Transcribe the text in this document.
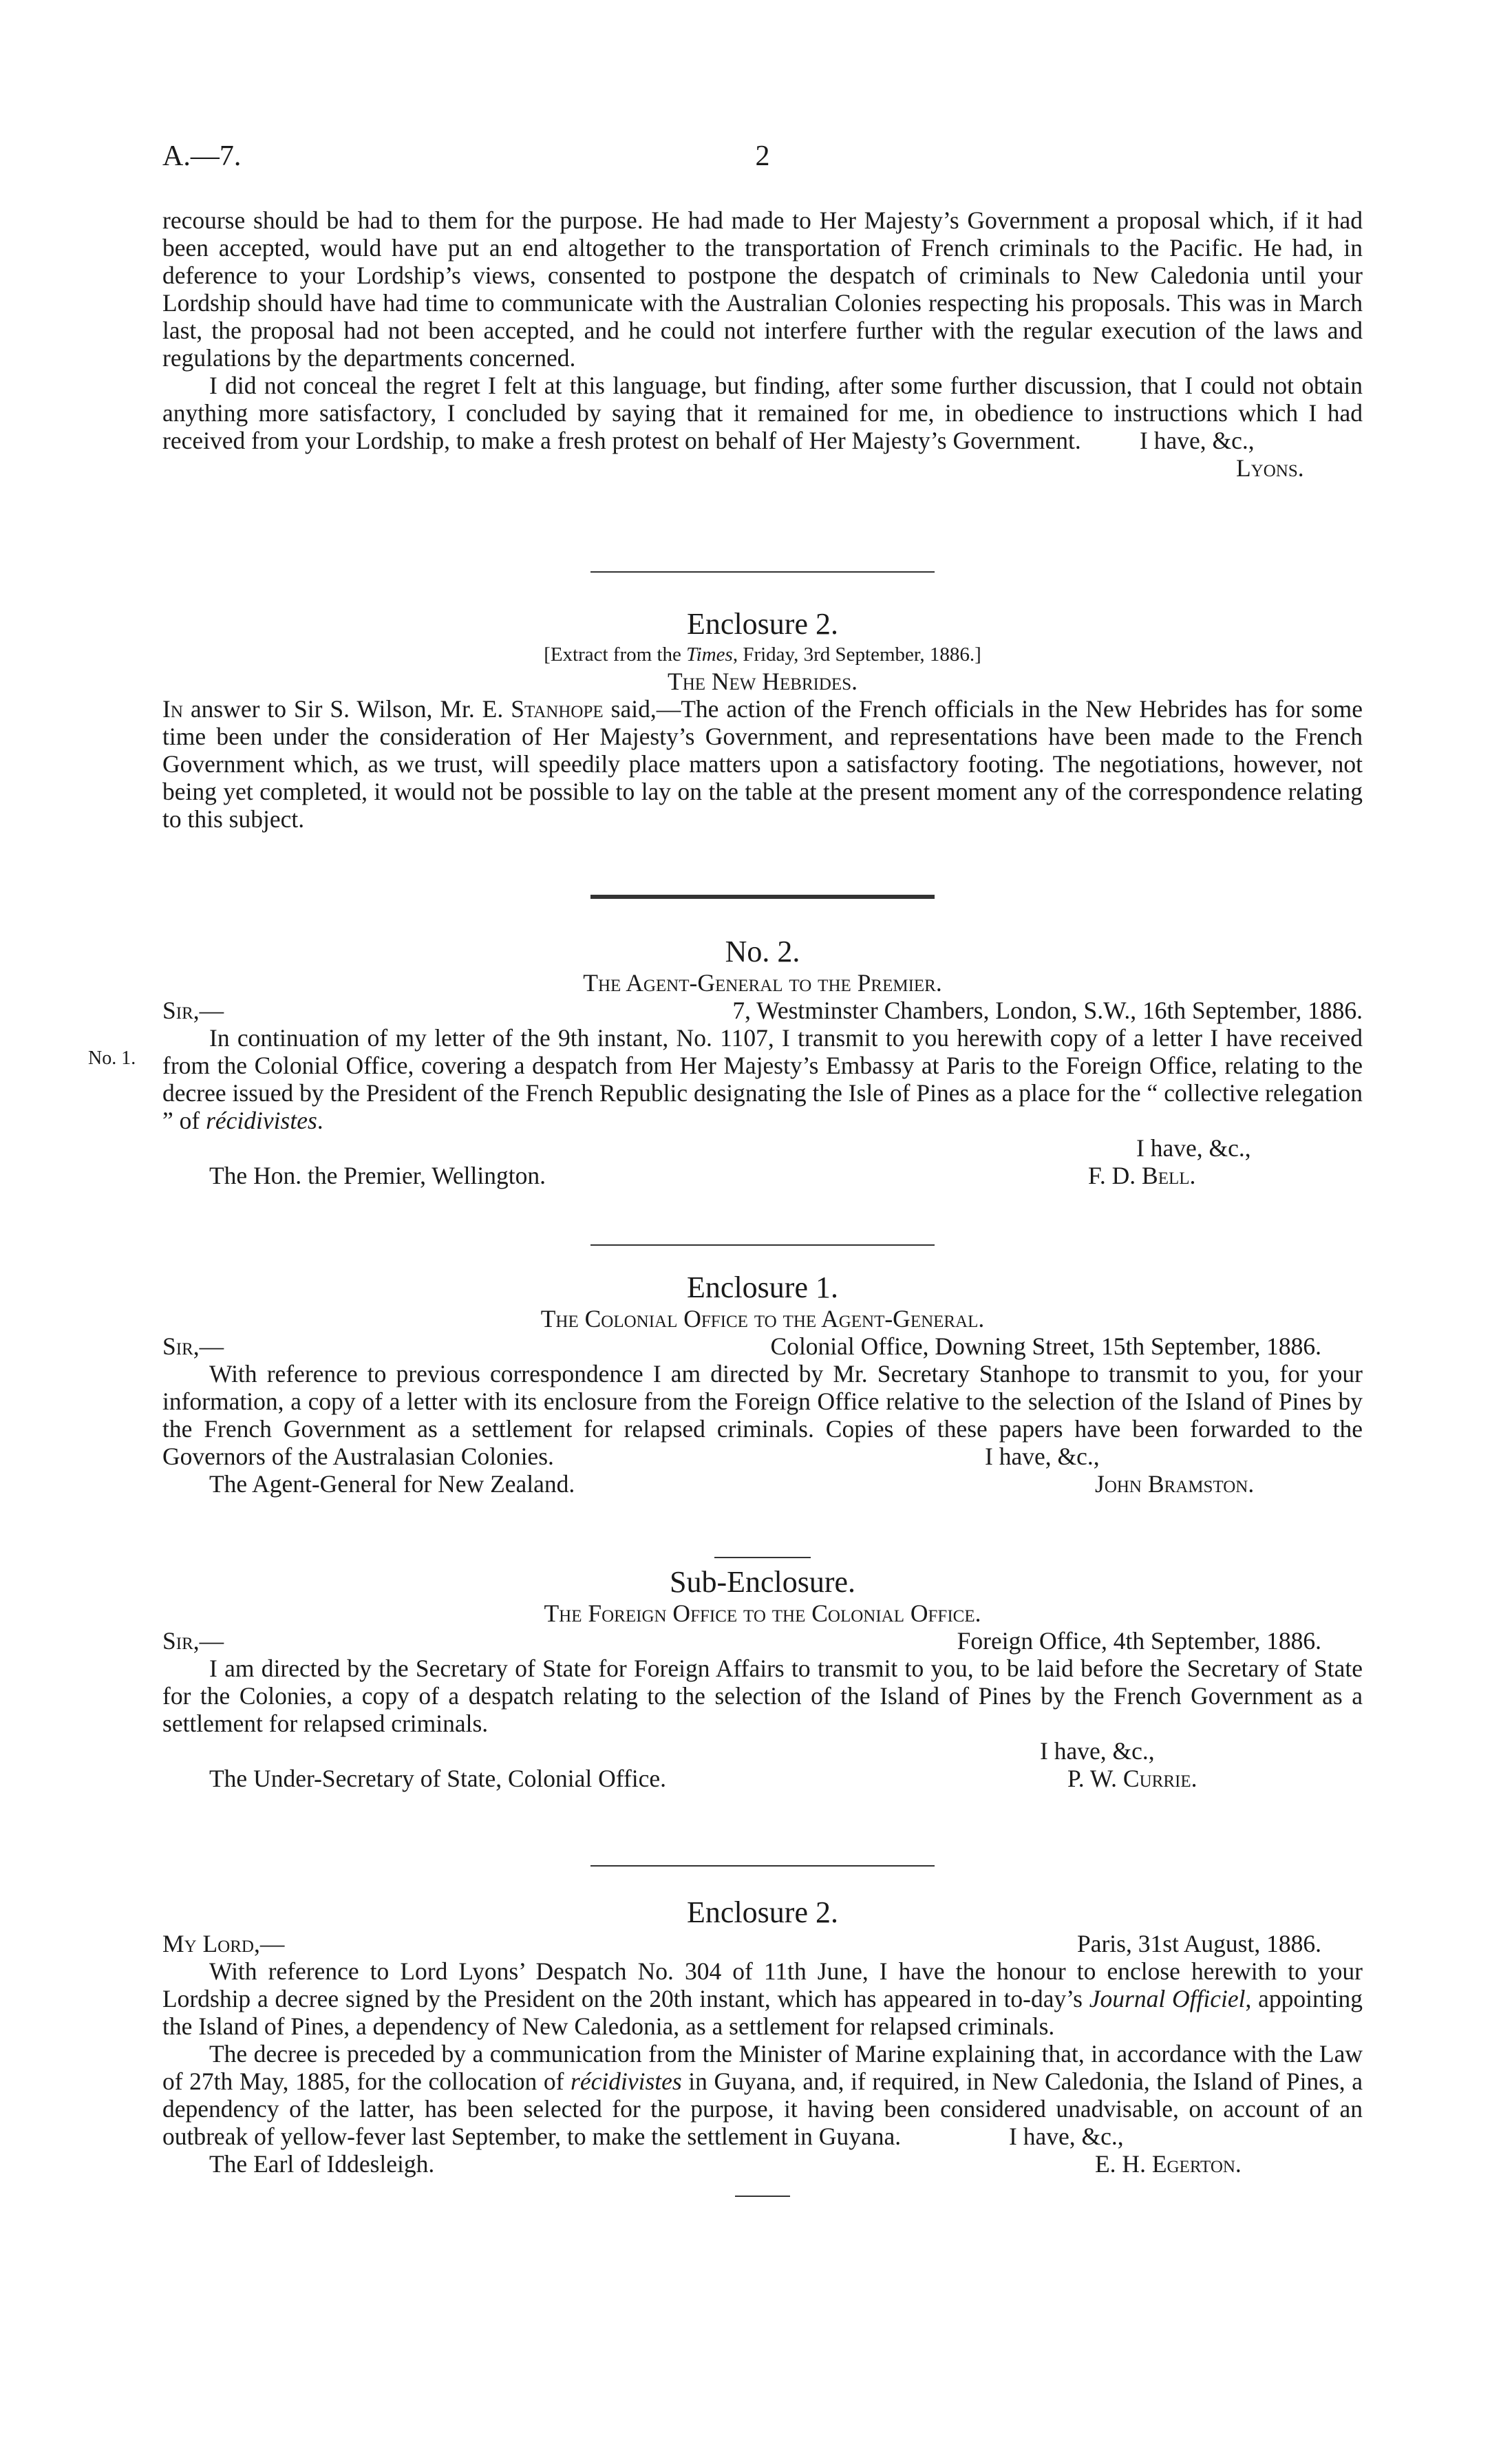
A.—7.	2

recourse should be had to them for the purpose. He had made to Her Majesty’s Government a proposal which, if it had been accepted, would have put an end altogether to the transportation of French criminals to the Pacific. He had, in deference to your Lordship’s views, consented to postpone the despatch of criminals to New Caledonia until your Lordship should have had time to communicate with the Australian Colonies respecting his proposals. This was in March last, the proposal had not been accepted, and he could not interfere further with the regular execution of the laws and regulations by the departments concerned.

I did not conceal the regret I felt at this language, but finding, after some further discussion, that I could not obtain anything more satisfactory, I concluded by saying that it remained for me, in obedience to instructions which I had received from your Lordship, to make a fresh protest on behalf of Her Majesty’s Government.	I have, &c.,
Lyons.
Enclosure 2.
[Extract from the Times, Friday, 3rd September, 1886.]
The New Hebrides.

In answer to Sir S. Wilson, Mr. E. Stanhope said,—The action of the French officials in the New Hebrides has for some time been under the consideration of Her Majesty’s Government, and representations have been made to the French Government which, as we trust, will speedily place matters upon a satisfactory footing. The negotiations, however, not being yet completed, it would not be possible to lay on the table at the present moment any of the correspondence relating to this subject.

No. 2.
The Agent-General to the Premier.
Sir,—	7, Westminster Chambers, London, S.W., 16th September, 1886.

In continuation of my letter of the 9th instant, No. 1107, I transmit to you herewith copy of a letter I have received from the Colonial Office, covering a despatch from Her Majesty’s Embassy at Paris to the Foreign Office, relating to the decree issued by the President of the French Republic designating the Isle of Pines as a place for the “ collective relegation ” of récidivistes.

I have, &c.,
The Hon. the Premier, Wellington.	F. D. Bell.
No. 1.
Enclosure 1.
The Colonial Office to the Agent-General.
Sir,—	Colonial Office, Downing Street, 15th September, 1886.

With reference to previous correspondence I am directed by Mr. Secretary Stanhope to transmit to you, for your information, a copy of a letter with its enclosure from the Foreign Office relative to the selection of the Island of Pines by the French Government as a settlement for relapsed criminals. Copies of these papers have been forwarded to the Governors of the Australasian Colonies.	I have, &c.,
The Agent-General for New Zealand.	John Bramston.
Sub-Enclosure.
The Foreign Office to the Colonial Office.
Sir,—	Foreign Office, 4th September, 1886.

I am directed by the Secretary of State for Foreign Affairs to transmit to you, to be laid before the Secretary of State for the Colonies, a copy of a despatch relating to the selection of the Island of Pines by the French Government as a settlement for relapsed criminals.

I have, &c.,
The Under-Secretary of State, Colonial Office.	P. W. Currie.
Enclosure 2.
My Lord,—	Paris, 31st August, 1886.

With reference to Lord Lyons’ Despatch No. 304 of 11th June, I have the honour to enclose herewith to your Lordship a decree signed by the President on the 20th instant, which has appeared in to-day’s Journal Officiel, appointing the Island of Pines, a dependency of New Caledonia, as a settlement for relapsed criminals.

The decree is preceded by a communication from the Minister of Marine explaining that, in accordance with the Law of 27th May, 1885, for the collocation of récidivistes in Guyana, and, if required, in New Caledonia, the Island of Pines, a dependency of the latter, has been selected for the purpose, it having been considered unadvisable, on account of an outbreak of yellow-fever last September, to make the settlement in Guyana.	I have, &c.,
The Earl of Iddesleigh.	E. H. Egerton.
